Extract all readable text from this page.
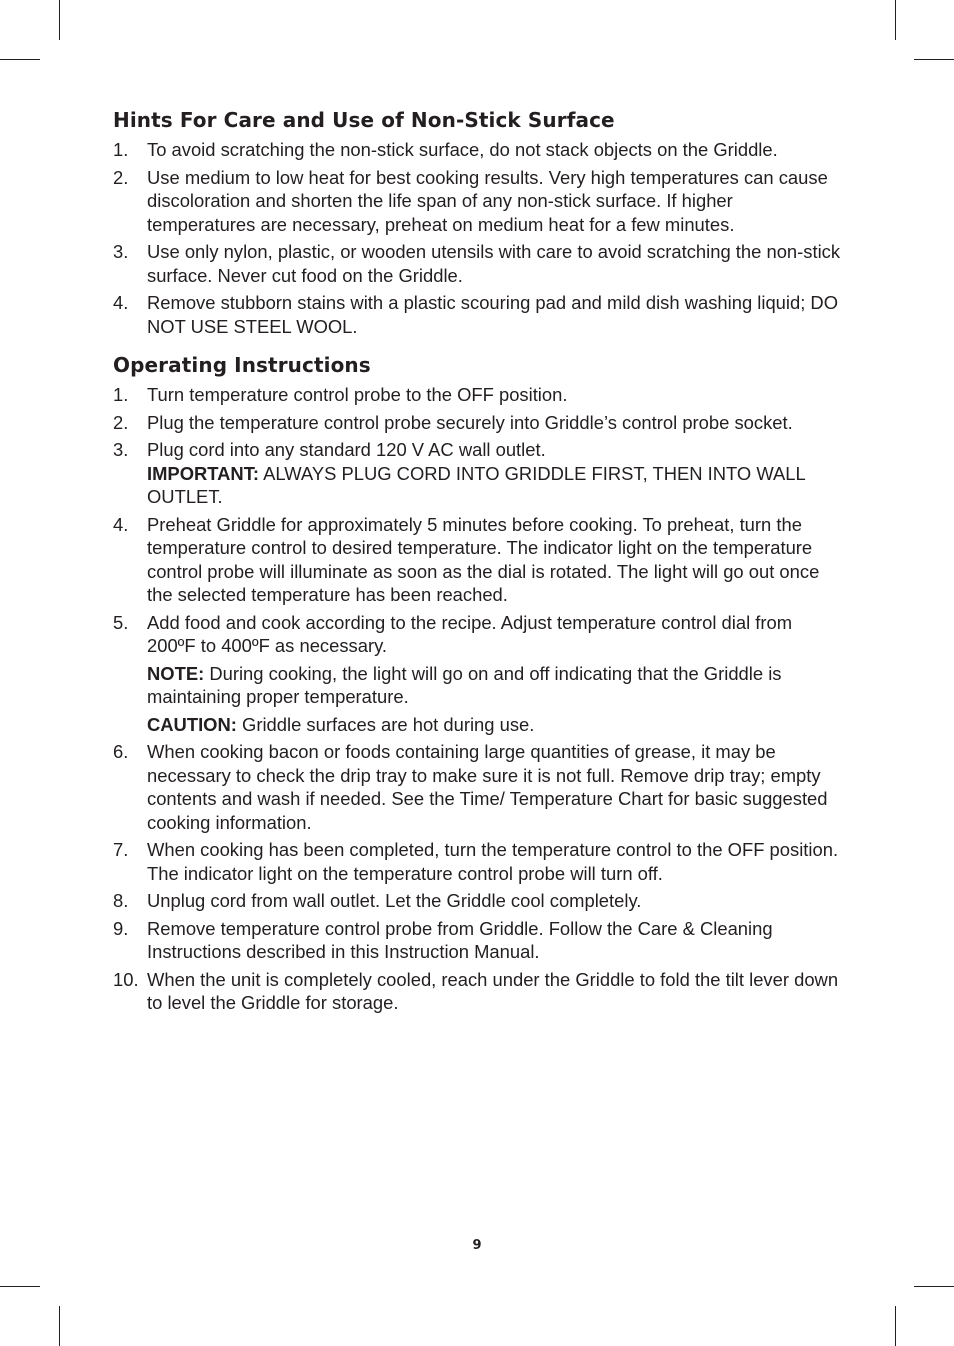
Hints For Care and Use of Non-Stick Surface
1. To avoid scratching the non-stick surface, do not stack objects on the Griddle.
2. Use medium to low heat for best cooking results. Very high temperatures can cause discoloration and shorten the life span of any non-stick surface. If higher temperatures are necessary, preheat on medium heat for a few minutes.
3. Use only nylon, plastic, or wooden utensils with care to avoid scratching the non-stick surface. Never cut food on the Griddle.
4. Remove stubborn stains with a plastic scouring pad and mild dish washing liquid; DO NOT USE STEEL WOOL.
Operating Instructions
1. Turn temperature control probe to the OFF position.
2. Plug the temperature control probe securely into Griddle’s control probe socket.
3. Plug cord into any standard 120 V AC wall outlet.
IMPORTANT: ALWAYS PLUG CORD INTO GRIDDLE FIRST, THEN INTO WALL OUTLET.
4. Preheat Griddle for approximately 5 minutes before cooking. To preheat, turn the temperature control to desired temperature. The indicator light on the temperature control probe will illuminate as soon as the dial is rotated. The light will go out once the selected temperature has been reached.
5. Add food and cook according to the recipe. Adjust temperature control dial from 200ºF to 400ºF as necessary.
NOTE: During cooking, the light will go on and off indicating that the Griddle is maintaining proper temperature.
CAUTION: Griddle surfaces are hot during use.
6. When cooking bacon or foods containing large quantities of grease, it may be necessary to check the drip tray to make sure it is not full. Remove drip tray; empty contents and wash if needed. See the Time/ Temperature Chart for basic suggested cooking information.
7. When cooking has been completed, turn the temperature control to the OFF position. The indicator light on the temperature control probe will turn off.
8. Unplug cord from wall outlet. Let the Griddle cool completely.
9. Remove temperature control probe from Griddle. Follow the Care & Cleaning Instructions described in this Instruction Manual.
10. When the unit is completely cooled, reach under the Griddle to fold the tilt lever down to level the Griddle for storage.
9
